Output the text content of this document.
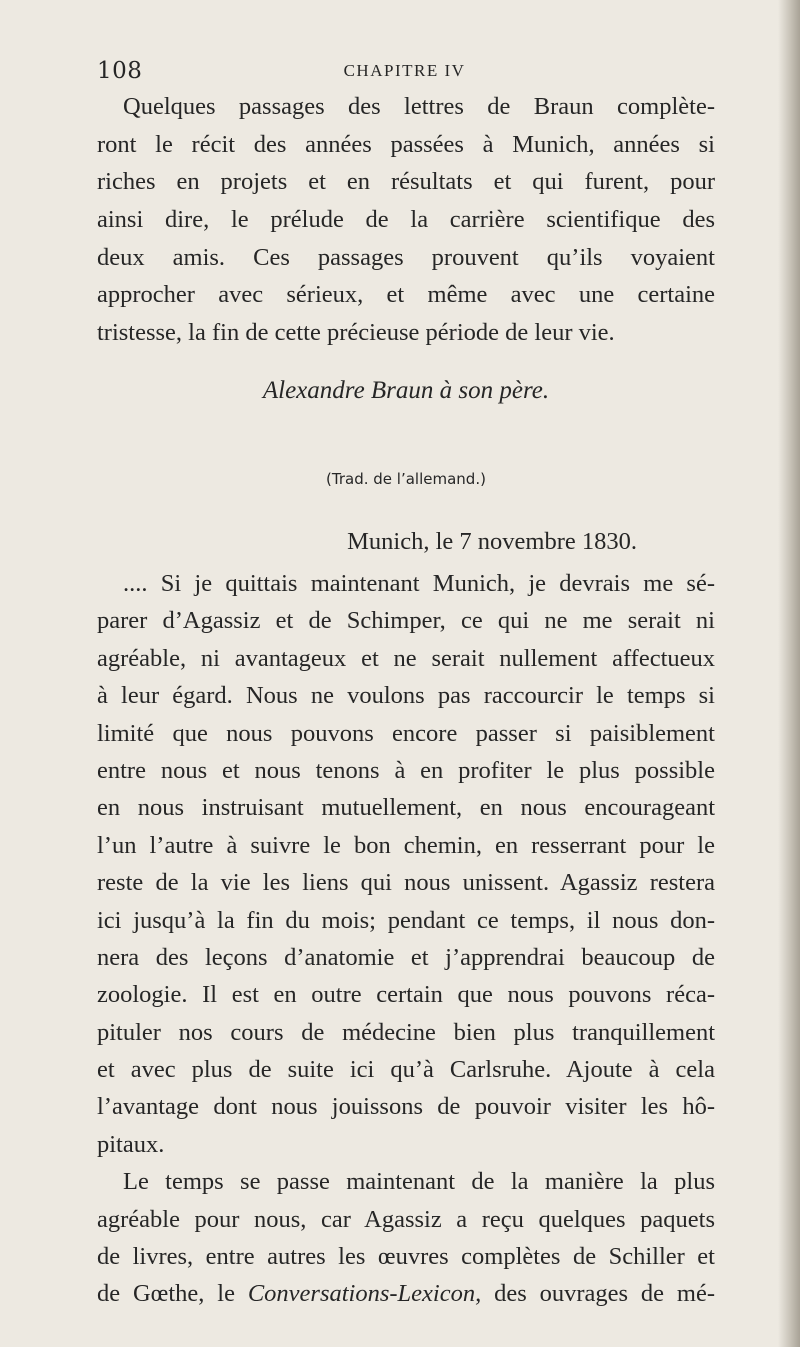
108	CHAPITRE IV
Quelques passages des lettres de Braun complète-
ront le récit des années passées à Munich, années si
riches en projets et en résultats et qui furent, pour
ainsi dire, le prélude de la carrière scientifique des
deux amis. Ces passages prouvent qu’ils voyaient
approcher avec sérieux, et même avec une certaine
tristesse, la fin de cette précieuse période de leur vie.
Alexandre Braun à son père.
(Trad. de l’allemand.)
Munich, le 7 novembre 1830.
.... Si je quittais maintenant Munich, je devrais me sé-
parer d’Agassiz et de Schimper, ce qui ne me serait ni
agréable, ni avantageux et ne serait nullement affectueux
à leur égard. Nous ne voulons pas raccourcir le temps si
limité que nous pouvons encore passer si paisiblement
entre nous et nous tenons à en profiter le plus possible
en nous instruisant mutuellement, en nous encourageant
l’un l’autre à suivre le bon chemin, en resserrant pour le
reste de la vie les liens qui nous unissent. Agassiz restera
ici jusqu’à la fin du mois; pendant ce temps, il nous don-
nera des leçons d’anatomie et j’apprendrai beaucoup de
zoologie. Il est en outre certain que nous pouvons réca-
pituler nos cours de médecine bien plus tranquillement
et avec plus de suite ici qu’à Carlsruhe. Ajoute à cela
l’avantage dont nous jouissons de pouvoir visiter les hô-
pitaux.
Le temps se passe maintenant de la manière la plus
agréable pour nous, car Agassiz a reçu quelques paquets
de livres, entre autres les œuvres complètes de Schiller et
de Gœthe, le Conversations-Lexicon, des ouvrages de mé-
